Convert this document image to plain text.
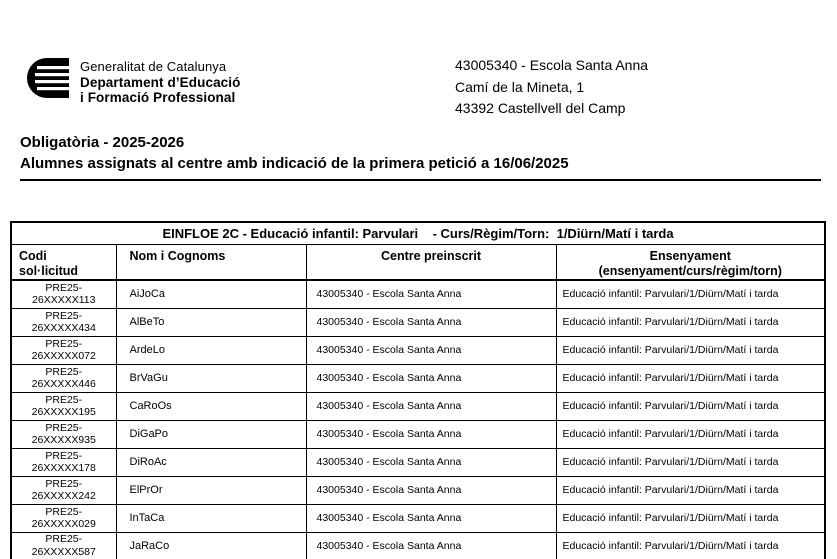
Generalitat de Catalunya
Departament d’Educació
i Formació Professional
43005340 - Escola Santa Anna
Camí de la Mineta, 1
43392 Castellvell del Camp
Obligatòria - 2025-2026
Alumnes assignats al centre amb indicació de la primera petició a 16/06/2025
EINFLOE 2C - Educació infantil: Parvulari    - Curs/Règim/Torn:  1/Diürn/Matí i tarda			

Codi
sol·licitud

Nom i Cognoms	Centre preinscrit	Ensenyament
(ensenyament/curs/règim/torn)

PRE25-
26XXXXX113	AiJoCa	43005340 - Escola Santa Anna	Educació infantil: Parvulari/1/Diürn/Matí i tarda

PRE25-
26XXXXX434	AlBeTo	43005340 - Escola Santa Anna	Educació infantil: Parvulari/1/Diürn/Matí i tarda

PRE25-
26XXXXX072	ArdeLo	43005340 - Escola Santa Anna	Educació infantil: Parvulari/1/Diürn/Matí i tarda

PRE25-
26XXXXX446	BrVaGu	43005340 - Escola Santa Anna	Educació infantil: Parvulari/1/Diürn/Matí i tarda

PRE25-
26XXXXX195	CaRoOs	43005340 - Escola Santa Anna	Educació infantil: Parvulari/1/Diürn/Matí i tarda

PRE25-
26XXXXX935	DiGaPo	43005340 - Escola Santa Anna	Educació infantil: Parvulari/1/Diürn/Matí i tarda

PRE25-
26XXXXX178	DiRoAc	43005340 - Escola Santa Anna	Educació infantil: Parvulari/1/Diürn/Matí i tarda

PRE25-
26XXXXX242	ElPrOr	43005340 - Escola Santa Anna	Educació infantil: Parvulari/1/Diürn/Matí i tarda

PRE25-
26XXXXX029	InTaCa	43005340 - Escola Santa Anna	Educació infantil: Parvulari/1/Diürn/Matí i tarda

PRE25-
26XXXXX587	JaRaCo	43005340 - Escola Santa Anna	Educació infantil: Parvulari/1/Diürn/Matí i tarda
